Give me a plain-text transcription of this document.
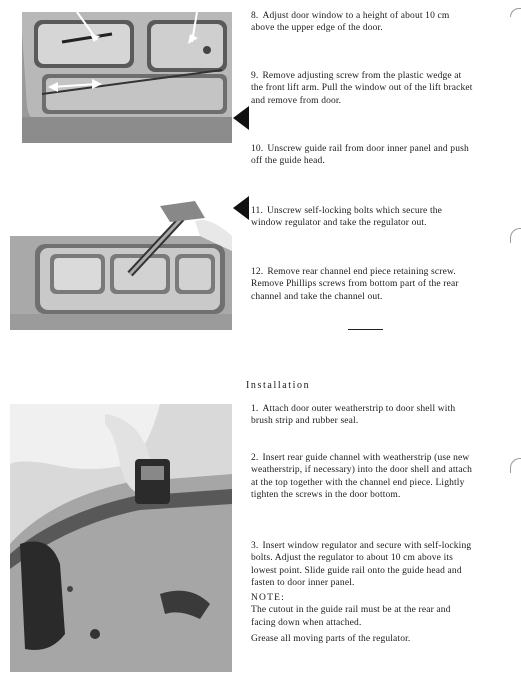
8. Adjust door window to a height of about 10 cm above the upper edge of the door.

9. Remove adjusting screw from the plastic wedge at the front lift arm. Pull the window out of the lift bracket and remove from door.

10. Unscrew guide rail from door inner panel and push off the guide head.

11. Unscrew self-locking bolts which secure the window regulator and take the regulator out.

12. Remove rear channel end piece retaining screw. Remove Phillips screws from bottom part of the rear channel and take the channel out.

Installation

1. Attach door outer weatherstrip to door shell with brush strip and rubber seal.

2. Insert rear guide channel with weatherstrip (use new weatherstrip, if necessary) into the door shell and attach at the top together with the channel end piece. Lightly tighten the screws in the door bottom.

3. Insert window regulator and secure with self-locking bolts. Adjust the regulator to about 10 cm above its lowest point. Slide guide rail onto the guide head and fasten to door inner panel.

NOTE:

The cutout in the guide rail must be at the rear and facing down when attached.

Grease all moving parts of the regulator.
